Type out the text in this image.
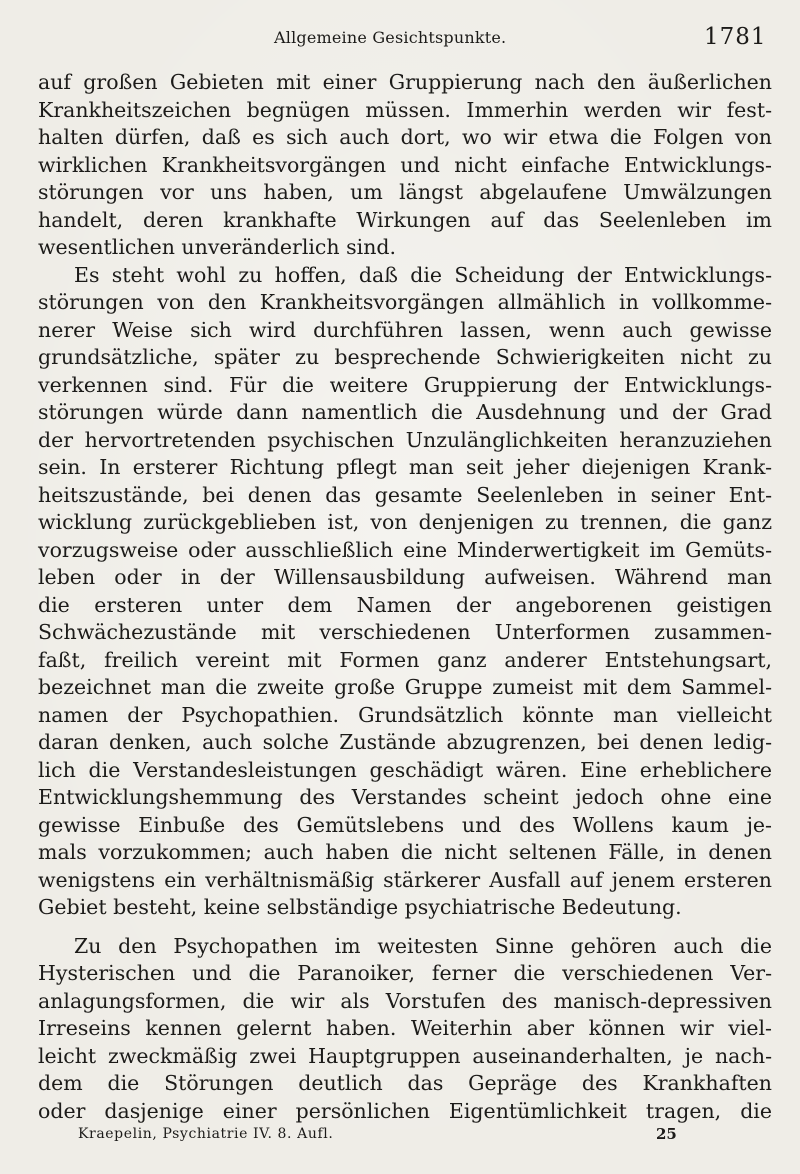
Allgemeine Gesichtspunkte.	1781
auf großen Gebieten mit einer Gruppierung nach den äußerlichen
Krankheitszeichen begnügen müssen. Immerhin werden wir fest-
halten dürfen, daß es sich auch dort, wo wir etwa die Folgen von
wirklichen Krankheitsvorgängen und nicht einfache Entwicklungs-
störungen vor uns haben, um längst abgelaufene Umwälzungen
handelt, deren krankhafte Wirkungen auf das Seelenleben im
wesentlichen unveränderlich sind.
Es steht wohl zu hoffen, daß die Scheidung der Entwicklungs-
störungen von den Krankheitsvorgängen allmählich in vollkomme-
nerer Weise sich wird durchführen lassen, wenn auch gewisse
grundsätzliche, später zu besprechende Schwierigkeiten nicht zu
verkennen sind. Für die weitere Gruppierung der Entwicklungs-
störungen würde dann namentlich die Ausdehnung und der Grad
der hervortretenden psychischen Unzulänglichkeiten heranzuziehen
sein. In ersterer Richtung pflegt man seit jeher diejenigen Krank-
heitszustände, bei denen das gesamte Seelenleben in seiner Ent-
wicklung zurückgeblieben ist, von denjenigen zu trennen, die ganz
vorzugsweise oder ausschließlich eine Minderwertigkeit im Gemüts-
leben oder in der Willensausbildung aufweisen. Während man
die ersteren unter dem Namen der angeborenen geistigen
Schwächezustände mit verschiedenen Unterformen zusammen-
faßt, freilich vereint mit Formen ganz anderer Entstehungsart,
bezeichnet man die zweite große Gruppe zumeist mit dem Sammel-
namen der Psychopathien. Grundsätzlich könnte man vielleicht
daran denken, auch solche Zustände abzugrenzen, bei denen ledig-
lich die Verstandesleistungen geschädigt wären. Eine erheblichere
Entwicklungshemmung des Verstandes scheint jedoch ohne eine
gewisse Einbuße des Gemütslebens und des Wollens kaum je-
mals vorzukommen; auch haben die nicht seltenen Fälle, in denen
wenigstens ein verhältnismäßig stärkerer Ausfall auf jenem ersteren
Gebiet besteht, keine selbständige psychiatrische Bedeutung.
Zu den Psychopathen im weitesten Sinne gehören auch die
Hysterischen und die Paranoiker, ferner die verschiedenen Ver-
anlagungsformen, die wir als Vorstufen des manisch-depressiven
Irreseins kennen gelernt haben. Weiterhin aber können wir viel-
leicht zweckmäßig zwei Hauptgruppen auseinanderhalten, je nach-
dem die Störungen deutlich das Gepräge des Krankhaften
oder dasjenige einer persönlichen Eigentümlichkeit tragen, die
Kraepelin, Psychiatrie IV. 8. Aufl.	25
